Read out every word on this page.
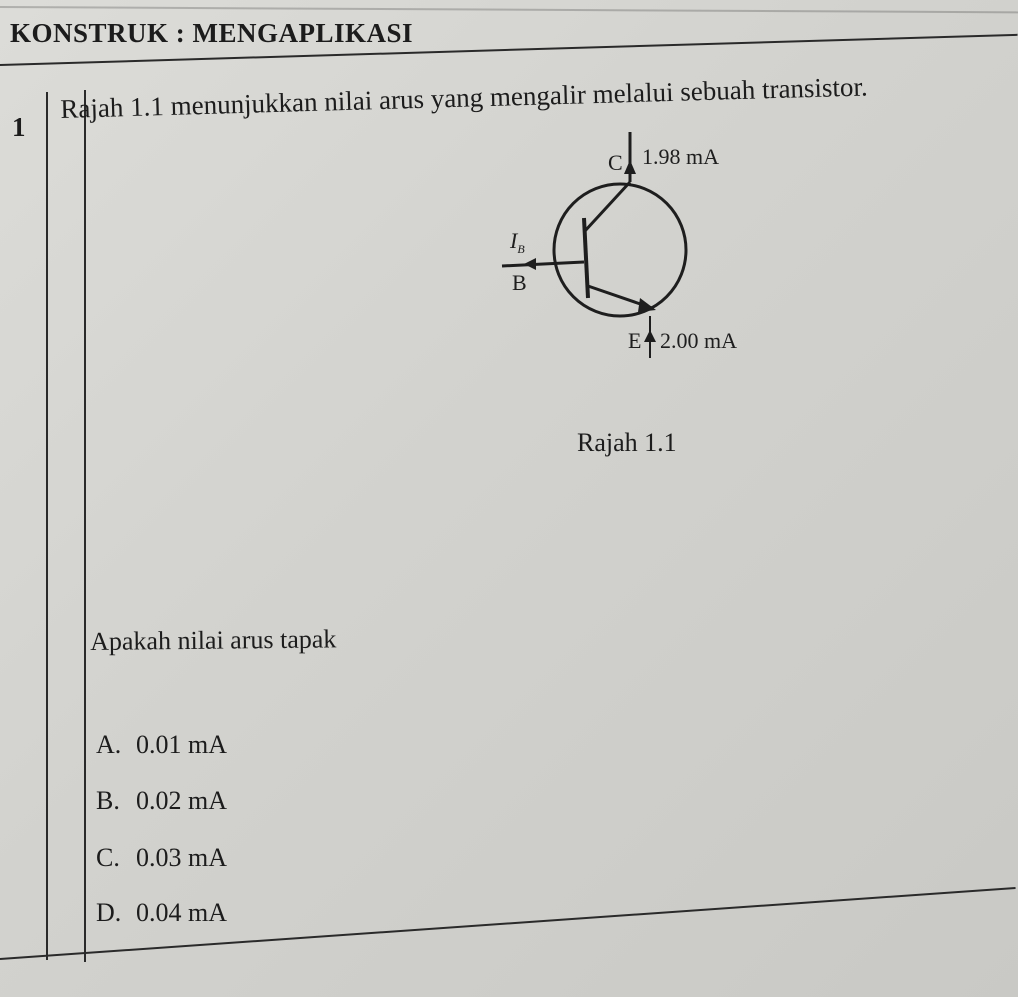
KONSTRUK : MENGAPLIKASI
1
Rajah 1.1 menunjukkan nilai arus yang mengalir melalui sebuah transistor.
C 1.98 mA
$I_B$
B
E 2.00 mA
Rajah 1.1
Apakah nilai arus tapak
A. 0.01 mA
B. 0.02 mA
C. 0.03 mA
D. 0.04 mA
